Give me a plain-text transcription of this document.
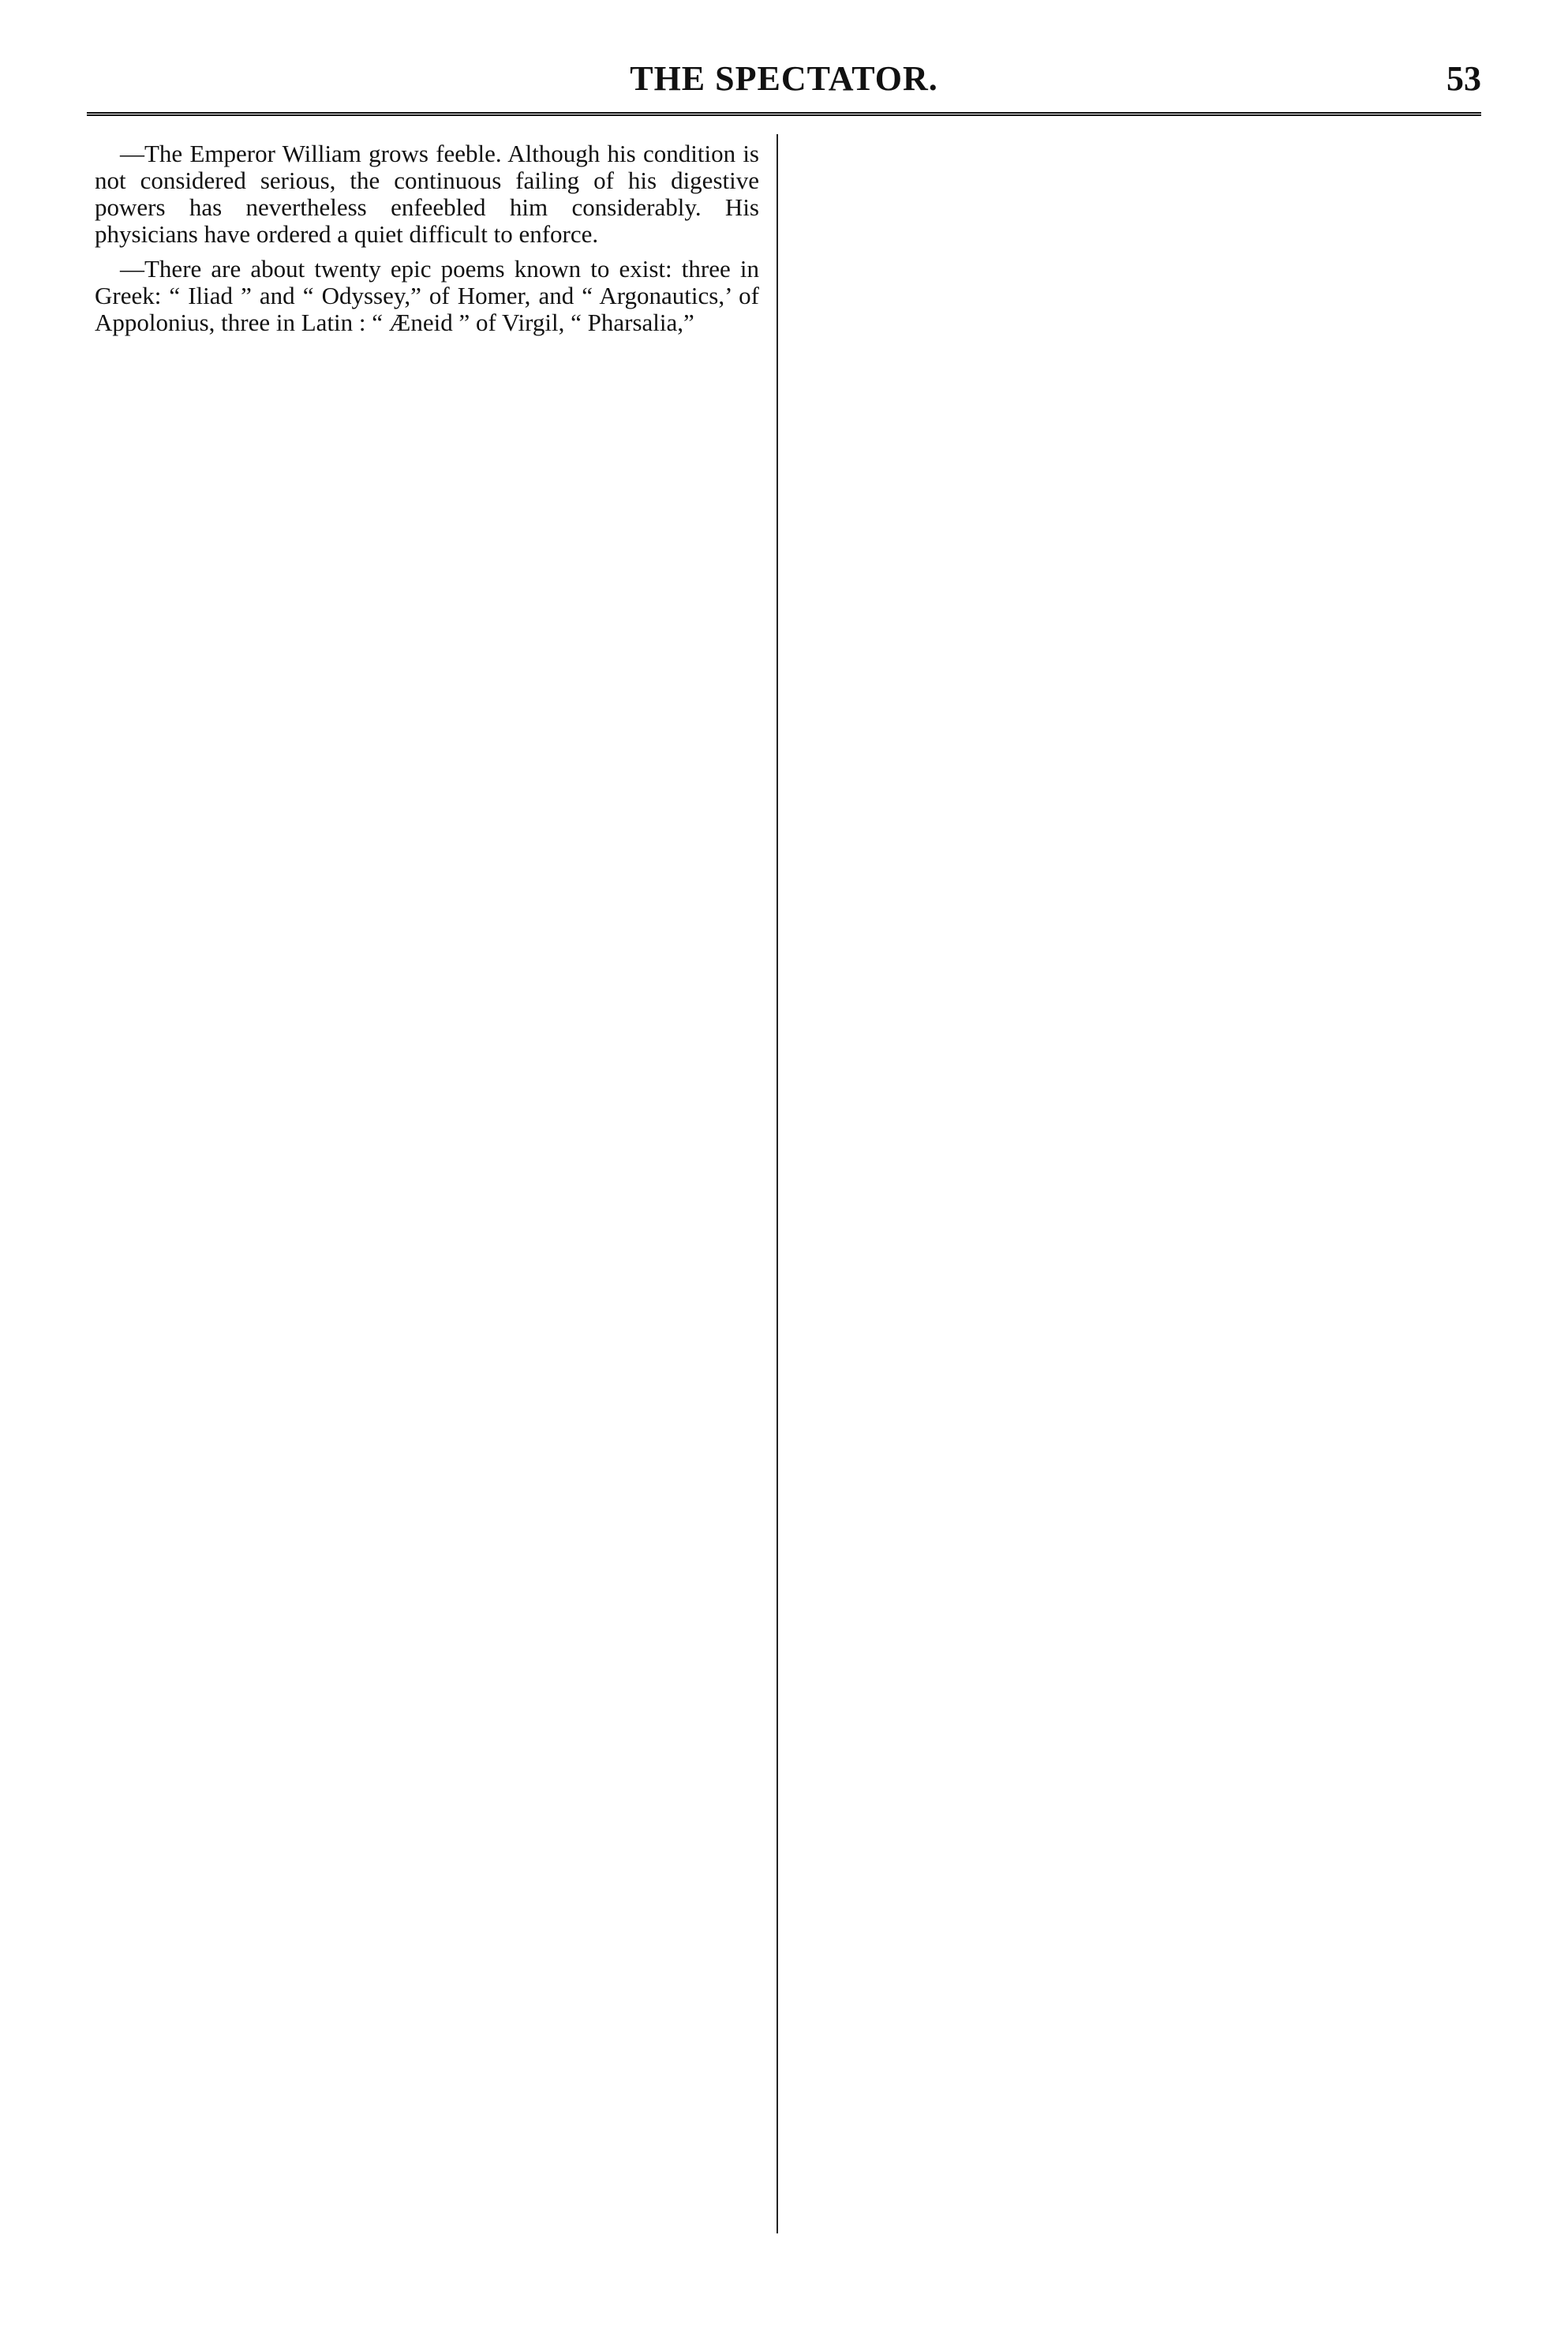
THE SPECTATOR.	53

—The Emperor William grows feeble. Although his condition is not considered serious, the continuous failing of his digestive powers has nevertheless enfeebled him considerably. His physicians have ordered a quiet difficult to enforce.

—There are about twenty epic poems known to exist: three in Greek: “ Iliad ” and “ Odyssey,” of Homer, and “ Argonautics,’ of Appolonius, three in Latin : “ Æneid ” of Virgil, “ Pharsalia,”
